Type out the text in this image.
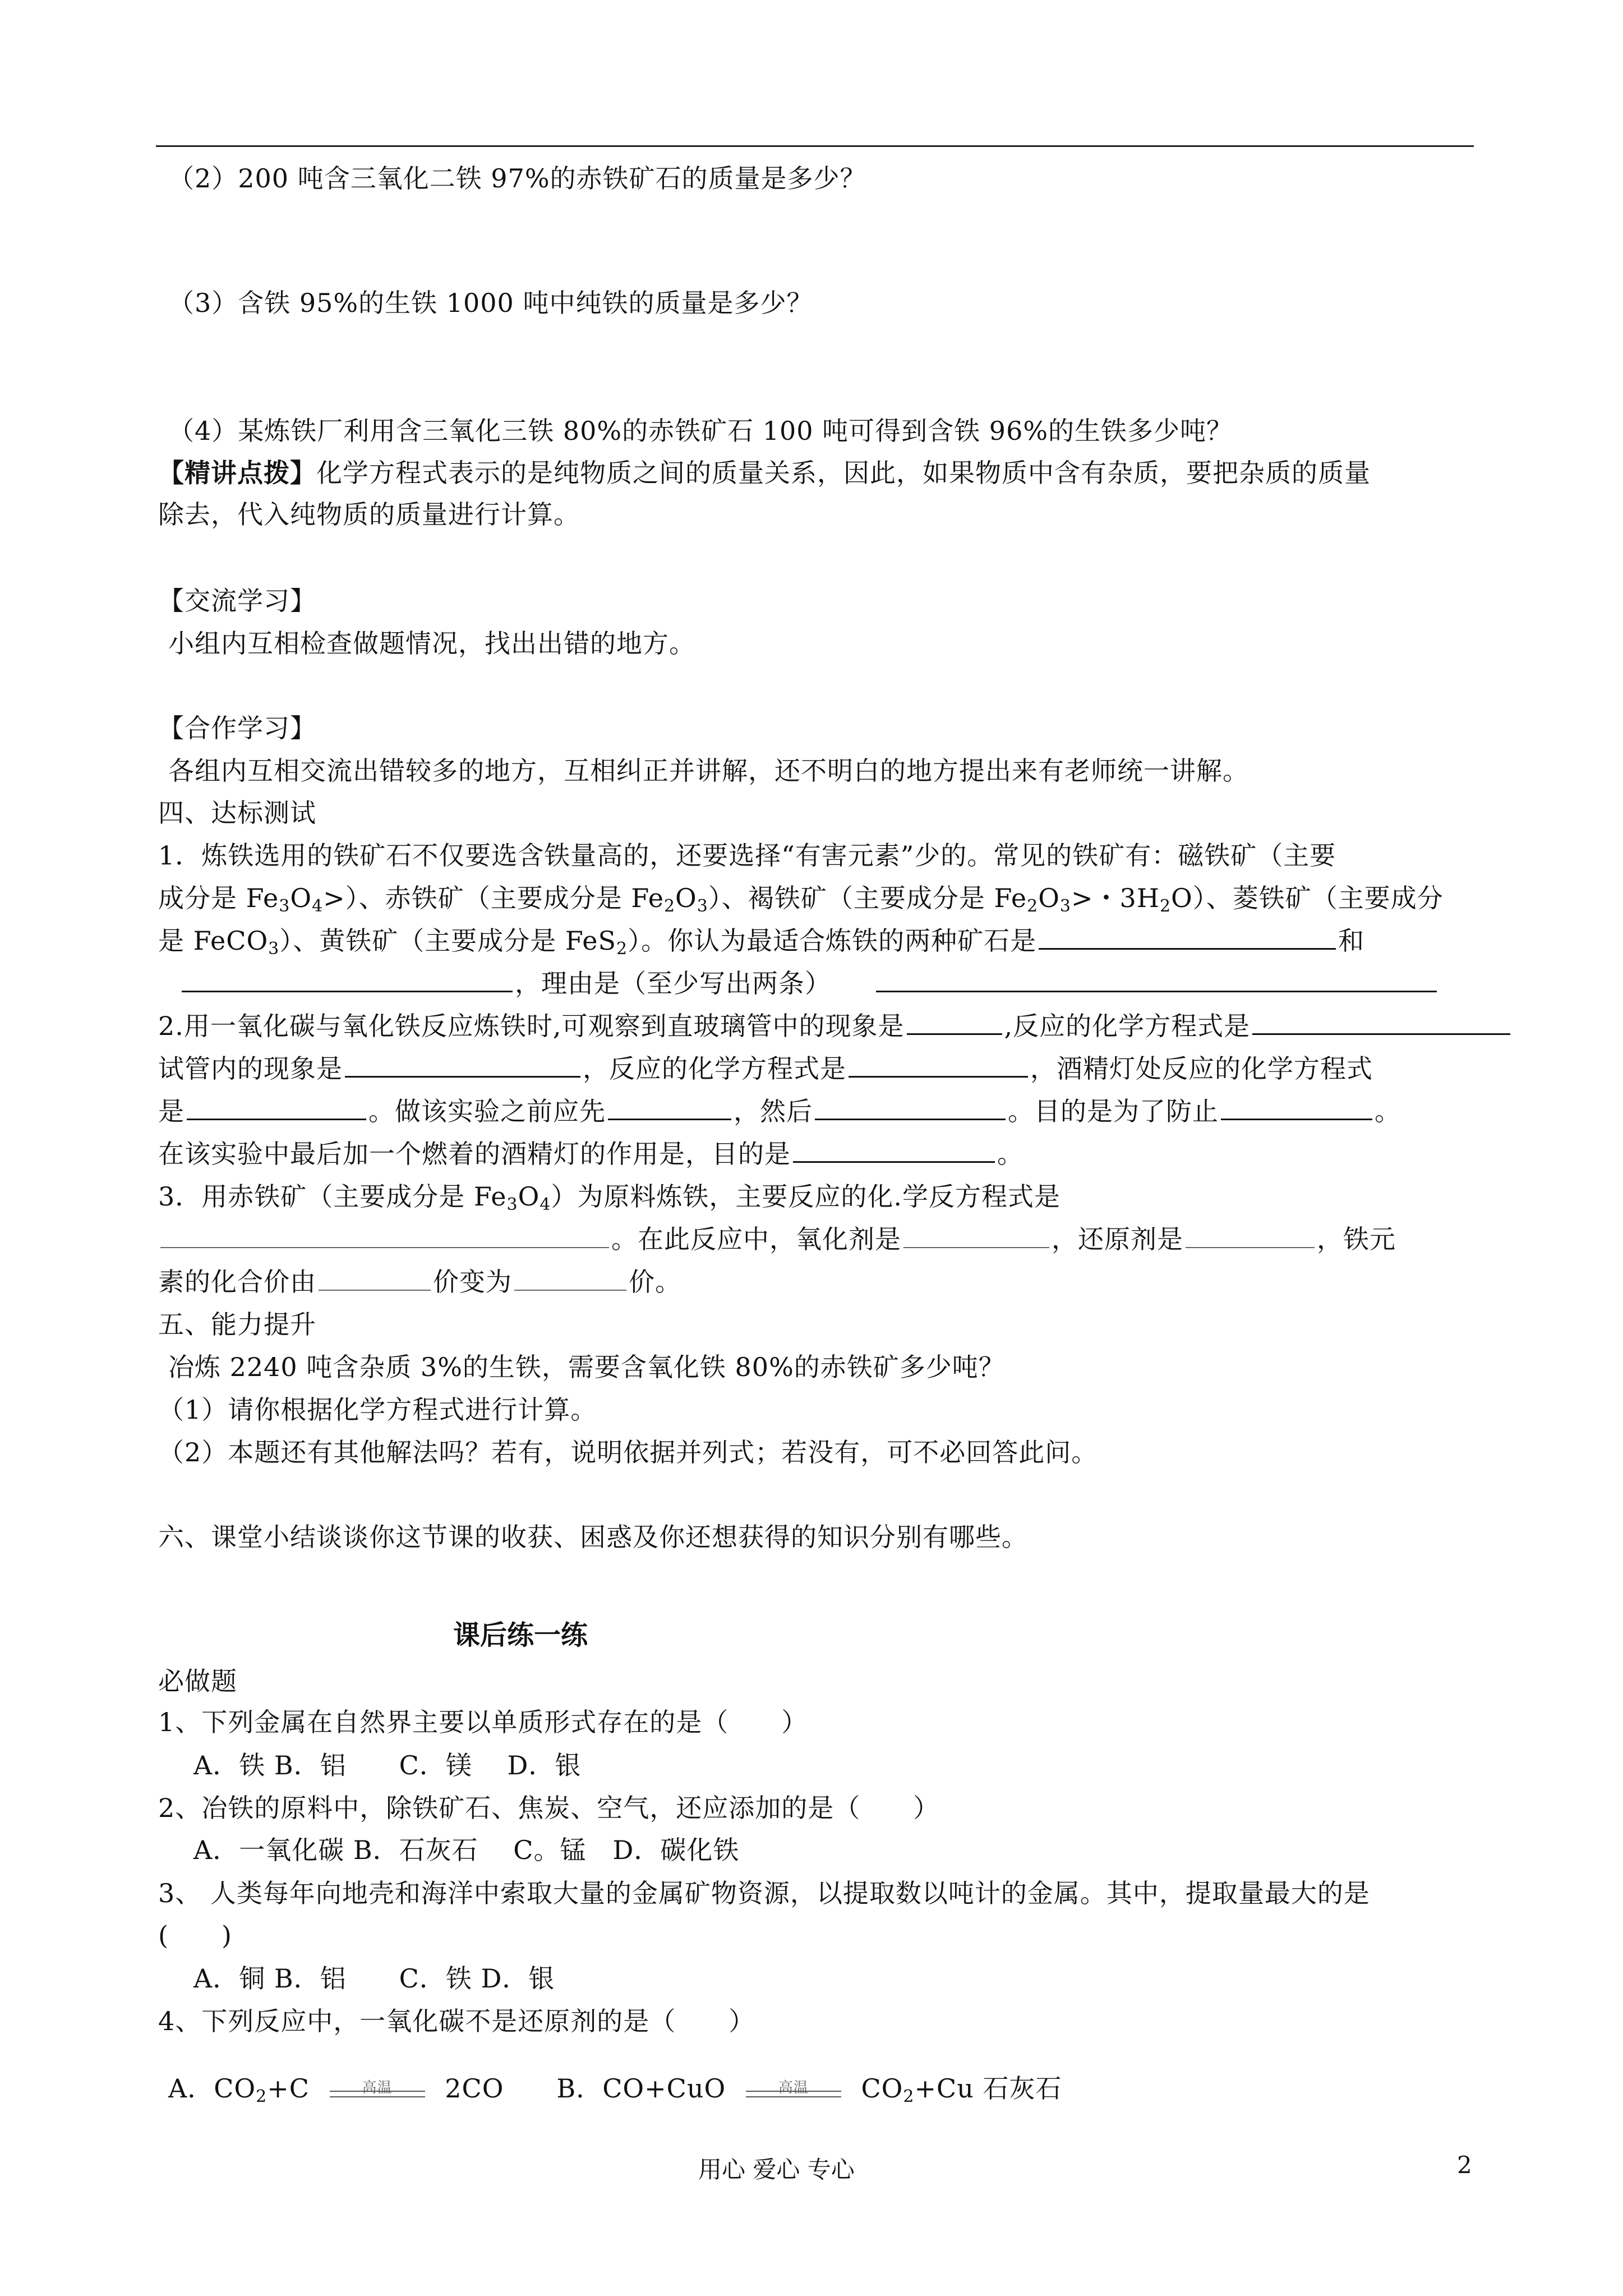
（2）200 吨含三氧化二铁 97%的赤铁矿石的质量是多少？
（3）含铁 95%的生铁 1000 吨中纯铁的质量是多少？
（4）某炼铁厂利用含三氧化三铁 80%的赤铁矿石 100 吨可得到含铁 96%的生铁多少吨？
【精讲点拨】化学方程式表示的是纯物质之间的质量关系，因此，如果物质中含有杂质，要把杂质的质量
除去，代入纯物质的质量进行计算。
【交流学习】
小组内互相检查做题情况，找出出错的地方。
【合作学习】
各组内互相交流出错较多的地方，互相纠正并讲解，还不明白的地方提出来有老师统一讲解。
四、达标测试
1．炼铁选用的铁矿石不仅要选含铁量高的，还要选择“有害元素”少的。常见的铁矿有：磁铁矿（主要
成分是 $Fe_3O_4>$）、赤铁矿（主要成分是 $Fe_2O_3$）、褐铁矿（主要成分是 $Fe_2O_3>$・$3H_2O$）、菱铁矿（主要成分
是 FeCO$_3$）、黄铁矿（主要成分是 FeS$_2$）。你认为最适合炼铁的两种矿石是	和
，理由是（至少写出两条）
2.用一氧化碳与氧化铁反应炼铁时,可观察到直玻璃管中的现象是	,反应的化学方程式是
试管内的现象是	，反应的化学方程式是	，酒精灯处反应的化学方程式
是	。做该实验之前应先	，然后	。目的是为了防止	。
在该实验中最后加一个燃着的酒精灯的作用是，目的是	。
3．用赤铁矿（主要成分是 $Fe_3O_4$）为原料炼铁，主要反应的化.学反方程式是
。在此反应中，氧化剂是	，还原剂是	，铁元
素的化合价由	价变为	价。
五、能力提升
冶炼 2240 吨含杂质 3%的生铁，需要含氧化铁 80%的赤铁矿多少吨？
（1）请你根据化学方程式进行计算。
（2）本题还有其他解法吗？若有，说明依据并列式；若没有，可不必回答此问。
六、课堂小结谈谈你这节课的收获、困惑及你还想获得的知识分别有哪些。
课后练一练
必做题
1、下列金属在自然界主要以单质形式存在的是（　　）
A．铁 B．铝　　C．镁　 D．银
2、冶铁的原料中，除铁矿石、焦炭、空气，还应添加的是（　　）
A．一氧化碳 B．石灰石　 C。锰　D．碳化铁
3、 人类每年向地壳和海洋中索取大量的金属矿物资源，以提取数以吨计的金属。其中，提取量最大的是
(　　)
A．铜 B．铝　　C．铁 D．银
4、下列反应中，一氧化碳不是还原剂的是（　　）
A．$CO_2+C$	高温	2CO　　B．CO+CuO	高温	$CO_2+Cu$ 石灰石
用心 爱心 专心	2
